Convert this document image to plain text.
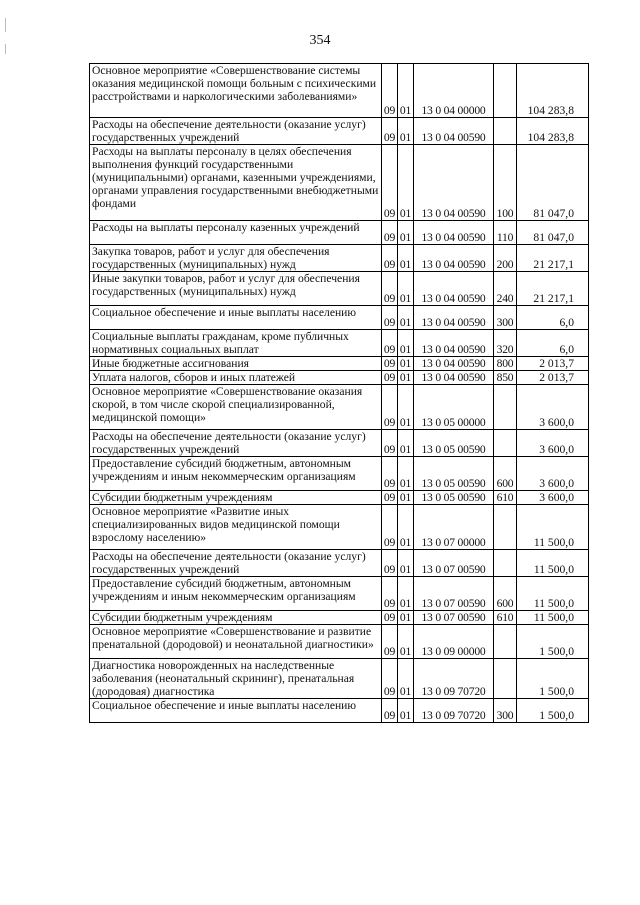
354
Основное мероприятие «Совершенствование системы оказания медицинской помощи больным с психическими расстройствами и наркологическими заболеваниями»	09	01	13 0 04 00000		104 283,8
Расходы на обеспечение деятельности (оказание услуг) государственных учреждений	09	01	13 0 04 00590		104 283,8
Расходы на выплаты персоналу в целях обеспечения выполнения функций государственными (муниципальными) органами, казенными учреждениями, органами управления государственными внебюджетными фондами	09	01	13 0 04 00590	100	81 047,0
Расходы на выплаты персоналу казенных учреждений	09	01	13 0 04 00590	110	81 047,0
Закупка товаров, работ и услуг для обеспечения государственных (муниципальных) нужд	09	01	13 0 04 00590	200	21 217,1
Иные закупки товаров, работ и услуг для обеспечения государственных (муниципальных) нужд	09	01	13 0 04 00590	240	21 217,1
Социальное обеспечение и иные выплаты населению	09	01	13 0 04 00590	300	6,0
Социальные выплаты гражданам, кроме публичных нормативных социальных выплат	09	01	13 0 04 00590	320	6,0
Иные бюджетные ассигнования	09	01	13 0 04 00590	800	2 013,7
Уплата налогов, сборов и иных платежей	09	01	13 0 04 00590	850	2 013,7
Основное мероприятие «Совершенствование оказания скорой, в том числе скорой специализированной, медицинской помощи»	09	01	13 0 05 00000		3 600,0
Расходы на обеспечение деятельности (оказание услуг) государственных учреждений	09	01	13 0 05 00590		3 600,0
Предоставление субсидий бюджетным, автономным учреждениям и иным некоммерческим организациям	09	01	13 0 05 00590	600	3 600,0
Субсидии бюджетным учреждениям	09	01	13 0 05 00590	610	3 600,0
Основное мероприятие «Развитие иных специализированных видов медицинской помощи взрослому населению»	09	01	13 0 07 00000		11 500,0
Расходы на обеспечение деятельности (оказание услуг) государственных учреждений	09	01	13 0 07 00590		11 500,0
Предоставление субсидий бюджетным, автономным учреждениям и иным некоммерческим организациям	09	01	13 0 07 00590	600	11 500,0
Субсидии бюджетным учреждениям	09	01	13 0 07 00590	610	11 500,0
Основное мероприятие «Совершенствование и развитие пренатальной (дородовой) и неонатальной диагностики»	09	01	13 0 09 00000		1 500,0
Диагностика новорожденных на наследственные заболевания (неонатальный скрининг), пренатальная (дородовая) диагностика	09	01	13 0 09 70720		1 500,0
Социальное обеспечение и иные выплаты населению	09	01	13 0 09 70720	300	1 500,0
